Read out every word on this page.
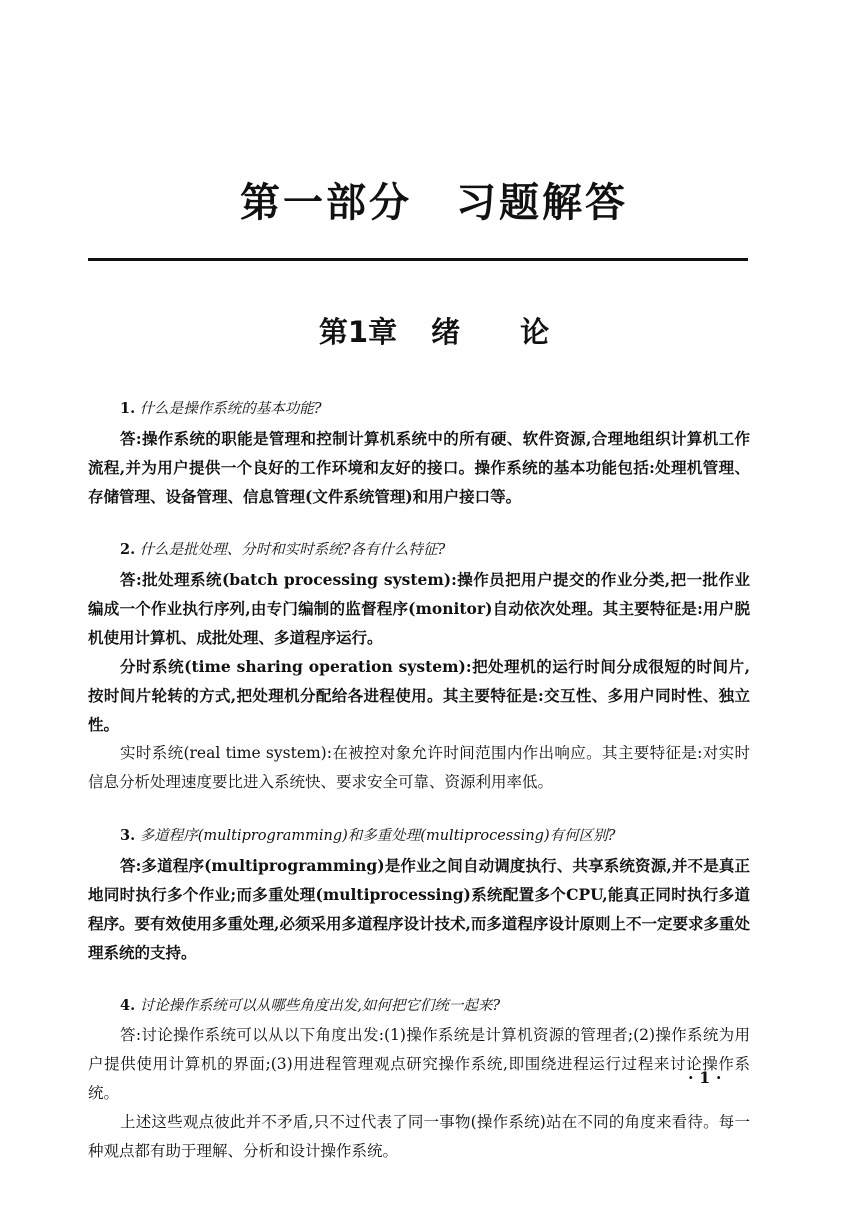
第一部分 习题解答
第1章 绪 论

1. 什么是操作系统的基本功能?

答:操作系统的职能是管理和控制计算机系统中的所有硬、软件资源,合理地组织计算机工作流程,并为用户提供一个良好的工作环境和友好的接口。操作系统的基本功能包括:处理机管理、存储管理、设备管理、信息管理(文件系统管理)和用户接口等。

2. 什么是批处理、分时和实时系统?各有什么特征?

答:批处理系统(batch processing system):操作员把用户提交的作业分类,把一批作业编成一个作业执行序列,由专门编制的监督程序(monitor)自动依次处理。其主要特征是:用户脱机使用计算机、成批处理、多道程序运行。

分时系统(time sharing operation system):把处理机的运行时间分成很短的时间片,按时间片轮转的方式,把处理机分配给各进程使用。其主要特征是:交互性、多用户同时性、独立性。

实时系统(real time system):在被控对象允许时间范围内作出响应。其主要特征是:对实时信息分析处理速度要比进入系统快、要求安全可靠、资源利用率低。

3. 多道程序(multiprogramming)和多重处理(multiprocessing)有何区别?

答:多道程序(multiprogramming)是作业之间自动调度执行、共享系统资源,并不是真正地同时执行多个作业;而多重处理(multiprocessing)系统配置多个CPU,能真正同时执行多道程序。要有效使用多重处理,必须采用多道程序设计技术,而多道程序设计原则上不一定要求多重处理系统的支持。

4. 讨论操作系统可以从哪些角度出发,如何把它们统一起来?

答:讨论操作系统可以从以下角度出发:(1)操作系统是计算机资源的管理者;(2)操作系统为用户提供使用计算机的界面;(3)用进程管理观点研究操作系统,即围绕进程运行过程来讨论操作系统。

上述这些观点彼此并不矛盾,只不过代表了同一事物(操作系统)站在不同的角度来看待。每一种观点都有助于理解、分析和设计操作系统。

· 1 ·
